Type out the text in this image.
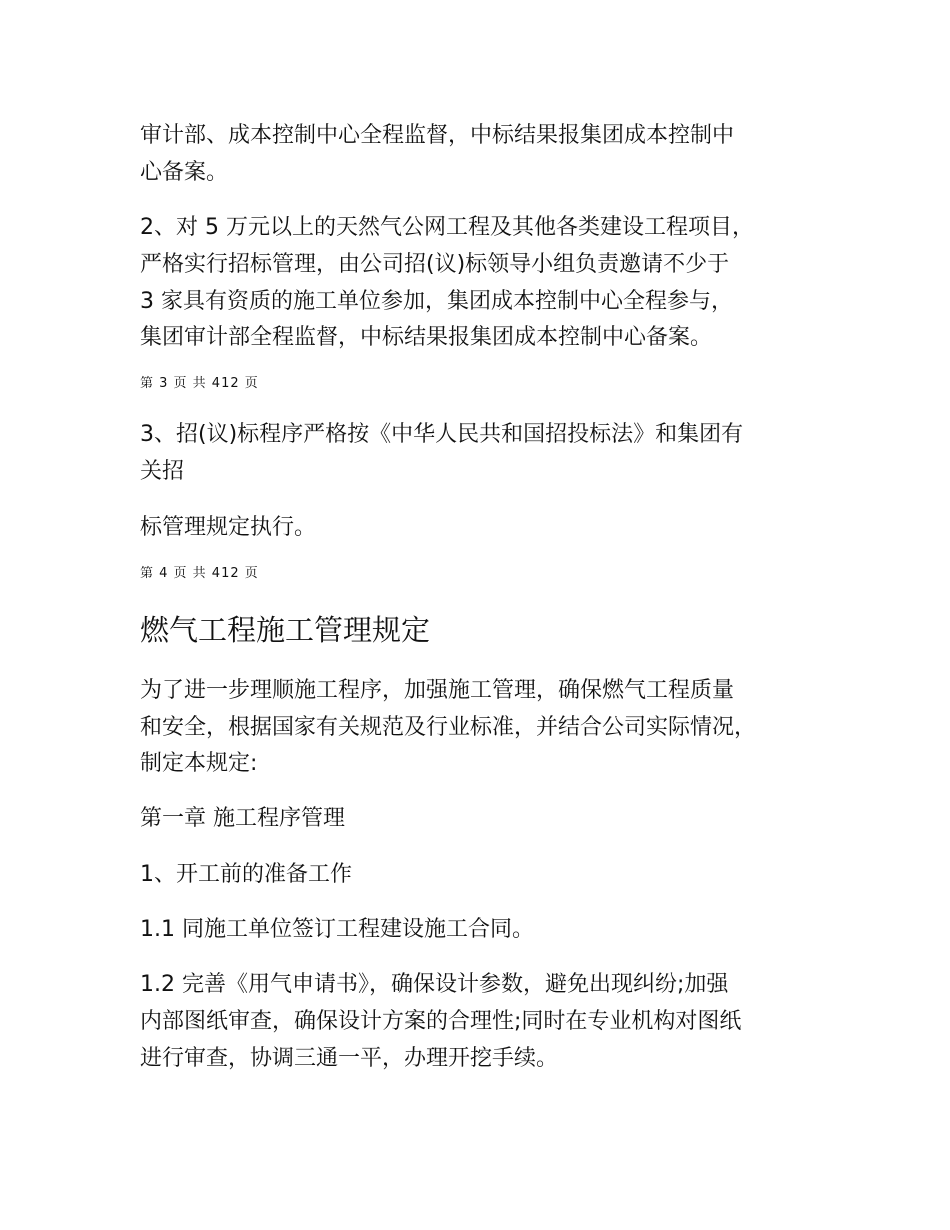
审计部、成本控制中心全程监督，中标结果报集团成本控制中
心备案。
2、对 5 万元以上的天然气公网工程及其他各类建设工程项目，
严格实行招标管理，由公司招(议)标领导小组负责邀请不少于
3 家具有资质的施工单位参加，集团成本控制中心全程参与，
集团审计部全程监督，中标结果报集团成本控制中心备案。
第 3 页 共 412 页
3、招(议)标程序严格按《中华人民共和国招投标法》和集团有
关招
标管理规定执行。
第 4 页 共 412 页
燃气工程施工管理规定
为了进一步理顺施工程序，加强施工管理，确保燃气工程质量
和安全，根据国家有关规范及行业标准，并结合公司实际情况，
制定本规定:
第一章 施工程序管理
1、开工前的准备工作
1.1 同施工单位签订工程建设施工合同。
1.2 完善《用气申请书》，确保设计参数，避免出现纠纷;加强
内部图纸审查，确保设计方案的合理性;同时在专业机构对图纸
进行审查，协调三通一平，办理开挖手续。
